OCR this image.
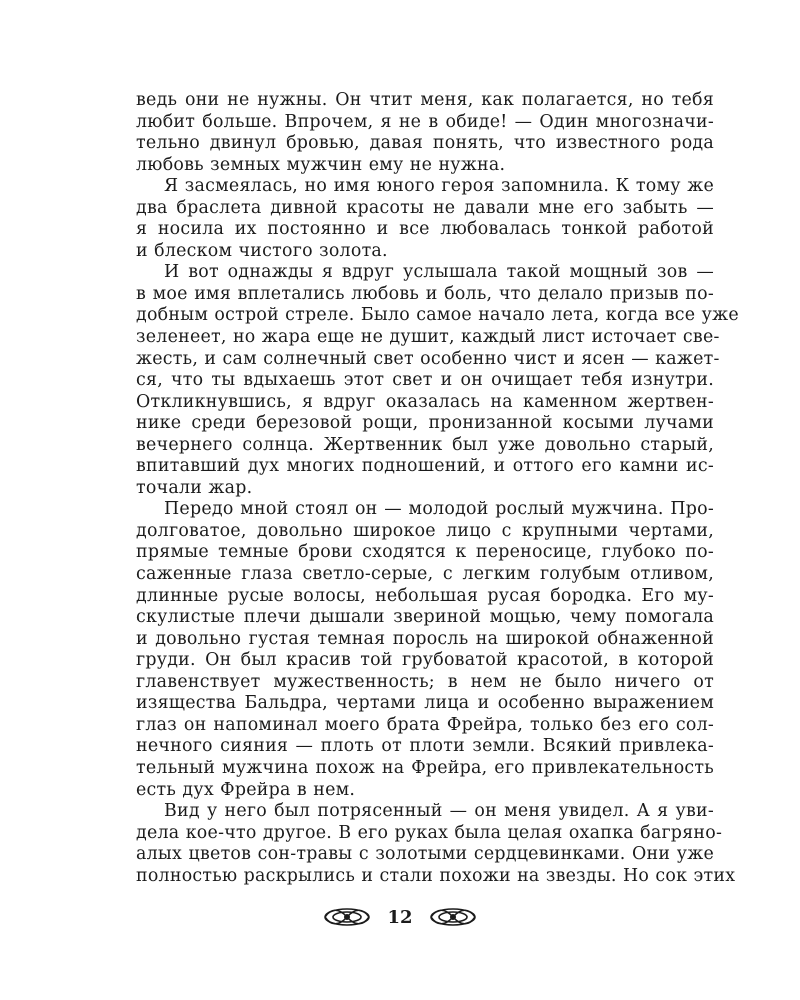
ведь они не нужны. Он чтит меня, как полагается, но тебя
любит больше. Впрочем, я не в обиде! — Один многозначи-
тельно двинул бровью, давая понять, что известного рода
любовь земных мужчин ему не нужна.
Я засмеялась, но имя юного героя запомнила. К тому же
два браслета дивной красоты не давали мне его забыть —
я носила их постоянно и все любовалась тонкой работой
и блеском чистого золота.
И вот однажды я вдруг услышала такой мощный зов —
в мое имя вплетались любовь и боль, что делало призыв по-
добным острой стреле. Было самое начало лета, когда все уже
зеленеет, но жара еще не душит, каждый лист источает све-
жесть, и сам солнечный свет особенно чист и ясен — кажет-
ся, что ты вдыхаешь этот свет и он очищает тебя изнутри.
Откликнувшись, я вдруг оказалась на каменном жертвен-
нике среди березовой рощи, пронизанной косыми лучами
вечернего солнца. Жертвенник был уже довольно старый,
впитавший дух многих подношений, и оттого его камни ис-
точали жар.
Передо мной стоял он — молодой рослый мужчина. Про-
долговатое, довольно широкое лицо с крупными чертами,
прямые темные брови сходятся к переносице, глубоко по-
саженные глаза светло-серые, с легким голубым отливом,
длинные русые волосы, небольшая русая бородка. Его му-
скулистые плечи дышали звериной мощью, чему помогала
и довольно густая темная поросль на широкой обнаженной
груди. Он был красив той грубоватой красотой, в которой
главенствует мужественность; в нем не было ничего от
изящества Бальдра, чертами лица и особенно выражением
глаз он напоминал моего брата Фрейра, только без его сол-
нечного сияния — плоть от плоти земли. Всякий привлека-
тельный мужчина похож на Фрейра, его привлекательность
есть дух Фрейра в нем.
Вид у него был потрясенный — он меня увидел. А я уви-
дела кое-что другое. В его руках была целая охапка багряно-
алых цветов сон-травы с золотыми сердцевинками. Они уже
полностью раскрылись и стали похожи на звезды. Но сок этих
12
